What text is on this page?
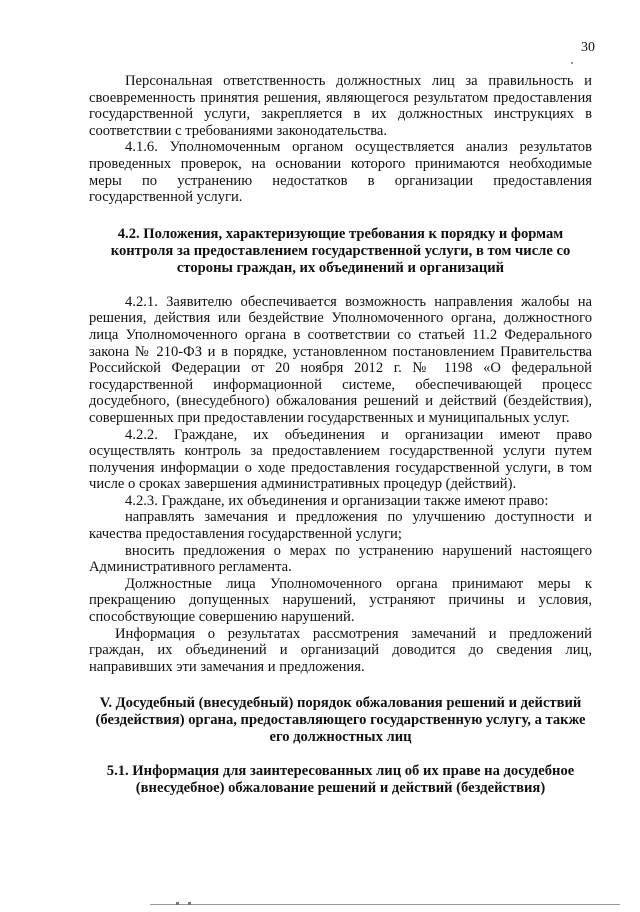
30

Персональная ответственность должностных лиц за правильность и своевременность принятия решения, являющегося результатом предоставления государственной услуги, закрепляется в их должностных инструкциях в соответствии с требованиями законодательства.

4.1.6. Уполномоченным органом осуществляется анализ результатов проведенных проверок, на основании которого принимаются необходимые меры по устранению недостатков в организации предоставления государственной услуги.

4.2. Положения, характеризующие требования к порядку и формам контроля за предоставлением государственной услуги, в том числе со стороны граждан, их объединений и организаций

4.2.1. Заявителю обеспечивается возможность направления жалобы на решения, действия или бездействие Уполномоченного органа, должностного лица Уполномоченного органа в соответствии со статьей 11.2 Федерального закона № 210-ФЗ и в порядке, установленном постановлением Правительства Российской Федерации от 20 ноября 2012 г. № 1198 «О федеральной государственной информационной системе, обеспечивающей процесс досудебного, (внесудебного) обжалования решений и действий (бездействия), совершенных при предоставлении государственных и муниципальных услуг.

4.2.2. Граждане, их объединения и организации имеют право осуществлять контроль за предоставлением государственной услуги путем получения информации о ходе предоставления государственной услуги, в том числе о сроках завершения административных процедур (действий).

4.2.3. Граждане, их объединения и организации также имеют право:

направлять замечания и предложения по улучшению доступности и качества предоставления государственной услуги;

вносить предложения о мерах по устранению нарушений настоящего Административного регламента.

Должностные лица Уполномоченного органа принимают меры к прекращению допущенных нарушений, устраняют причины и условия, способствующие совершению нарушений.

Информация о результатах рассмотрения замечаний и предложений граждан, их объединений и организаций доводится до сведения лиц, направивших эти замечания и предложения.

V. Досудебный (внесудебный) порядок обжалования решений и действий (бездействия) органа, предоставляющего государственную услугу, а также его должностных лиц
5.1. Информация для заинтересованных лиц об их праве на досудебное (внесудебное) обжалование решений и действий (бездействия)
